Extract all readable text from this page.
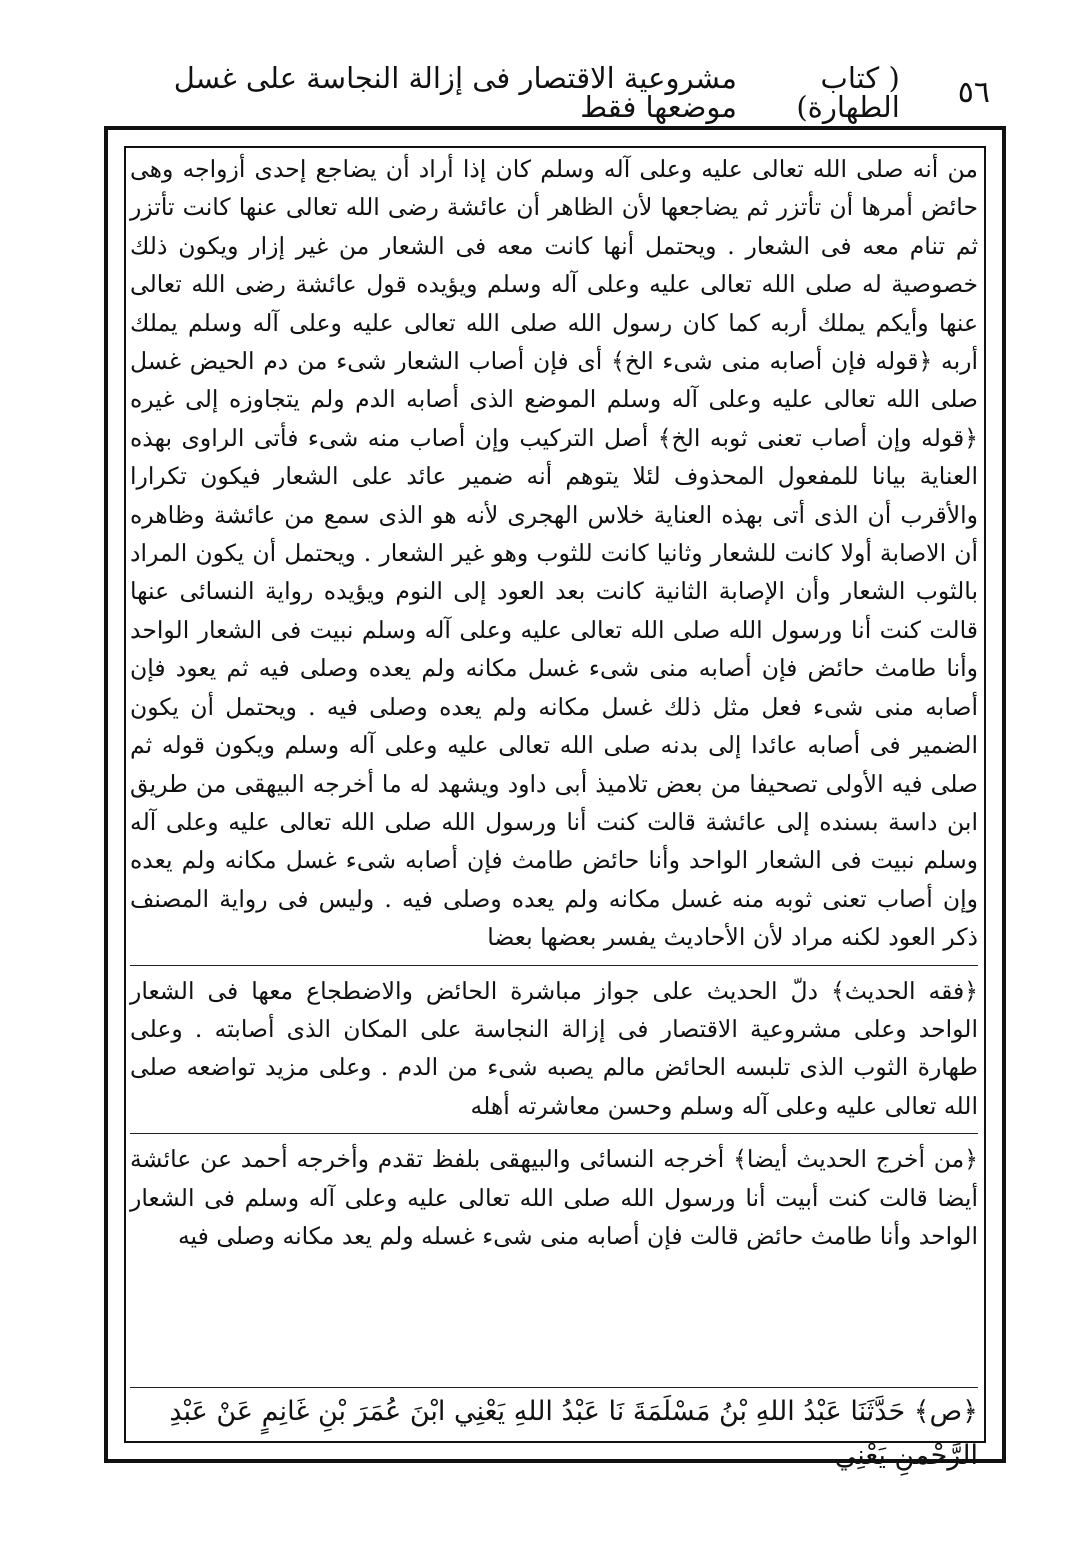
٥٦
( كتاب الطهارة)
مشروعية الاقتصار فى إزالة النجاسة على غسل موضعها فقط

من أنه صلى الله تعالى عليه وعلى آله وسلم كان إذا أراد أن يضاجع إحدى أزواجه وهى حائض أمرها أن تأتزر ثم يضاجعها لأن الظاهر أن عائشة رضى الله تعالى عنها كانت تأتزر ثم تنام معه فى الشعار . ويحتمل أنها كانت معه فى الشعار من غير إزار ويكون ذلك خصوصية له صلى الله تعالى عليه وعلى آله وسلم ويؤيده قول عائشة رضى الله تعالى عنها وأيكم يملك أربه كما كان رسول الله صلى الله تعالى عليه وعلى آله وسلم يملك أربه ﴿قوله فإن أصابه منى شىء الخ﴾ أى فإن أصاب الشعار شىء من دم الحيض غسل صلى الله تعالى عليه وعلى آله وسلم الموضع الذى أصابه الدم ولم يتجاوزه إلى غيره ﴿قوله وإن أصاب تعنى ثوبه الخ﴾ أصل التركيب وإن أصاب منه شىء فأتى الراوى بهذه العناية بيانا للمفعول المحذوف لئلا يتوهم أنه ضمير عائد على الشعار فيكون تكرارا والأقرب أن الذى أتى بهذه العناية خلاس الهجرى لأنه هو الذى سمع من عائشة وظاهره أن الاصابة أولا كانت للشعار وثانيا كانت للثوب وهو غير الشعار . ويحتمل أن يكون المراد بالثوب الشعار وأن الإصابة الثانية كانت بعد العود إلى النوم ويؤيده رواية النسائى عنها قالت كنت أنا ورسول الله صلى الله تعالى عليه وعلى آله وسلم نبيت فى الشعار الواحد وأنا طامث حائض فإن أصابه منى شىء غسل مكانه ولم يعده وصلى فيه ثم يعود فإن أصابه منى شىء فعل مثل ذلك غسل مكانه ولم يعده وصلى فيه . ويحتمل أن يكون الضمير فى أصابه عائدا إلى بدنه صلى الله تعالى عليه وعلى آله وسلم ويكون قوله ثم صلى فيه الأولى تصحيفا من بعض تلاميذ أبى داود ويشهد له ما أخرجه البيهقى من طريق ابن داسة بسنده إلى عائشة قالت كنت أنا ورسول الله صلى الله تعالى عليه وعلى آله وسلم نبيت فى الشعار الواحد وأنا حائض طامث فإن أصابه شىء غسل مكانه ولم يعده وإن أصاب تعنى ثوبه منه غسل مكانه ولم يعده وصلى فيه . وليس فى رواية المصنف ذكر العود لكنه مراد لأن الأحاديث يفسر بعضها بعضا

﴿فقه الحديث﴾ دلّ الحديث على جواز مباشرة الحائض والاضطجاع معها فى الشعار الواحد وعلى مشروعية الاقتصار فى إزالة النجاسة على المكان الذى أصابته . وعلى طهارة الثوب الذى تلبسه الحائض مالم يصبه شىء من الدم . وعلى مزيد تواضعه صلى الله تعالى عليه وعلى آله وسلم وحسن معاشرته أهله

﴿من أخرج الحديث أيضا﴾ أخرجه النسائى والبيهقى بلفظ تقدم وأخرجه أحمد عن عائشة أيضا قالت كنت أبيت أنا ورسول الله صلى الله تعالى عليه وعلى آله وسلم فى الشعار الواحد وأنا طامث حائض قالت فإن أصابه منى شىء غسله ولم يعد مكانه وصلى فيه

﴿ص﴾ حَدَّثَنَا عَبْدُ اللهِ بْنُ مَسْلَمَةَ نَا عَبْدُ اللهِ يَعْنِي ابْنَ عُمَرَ بْنِ غَانِمٍ عَنْ عَبْدِ الرَّحْمنِ يَعْنِي
